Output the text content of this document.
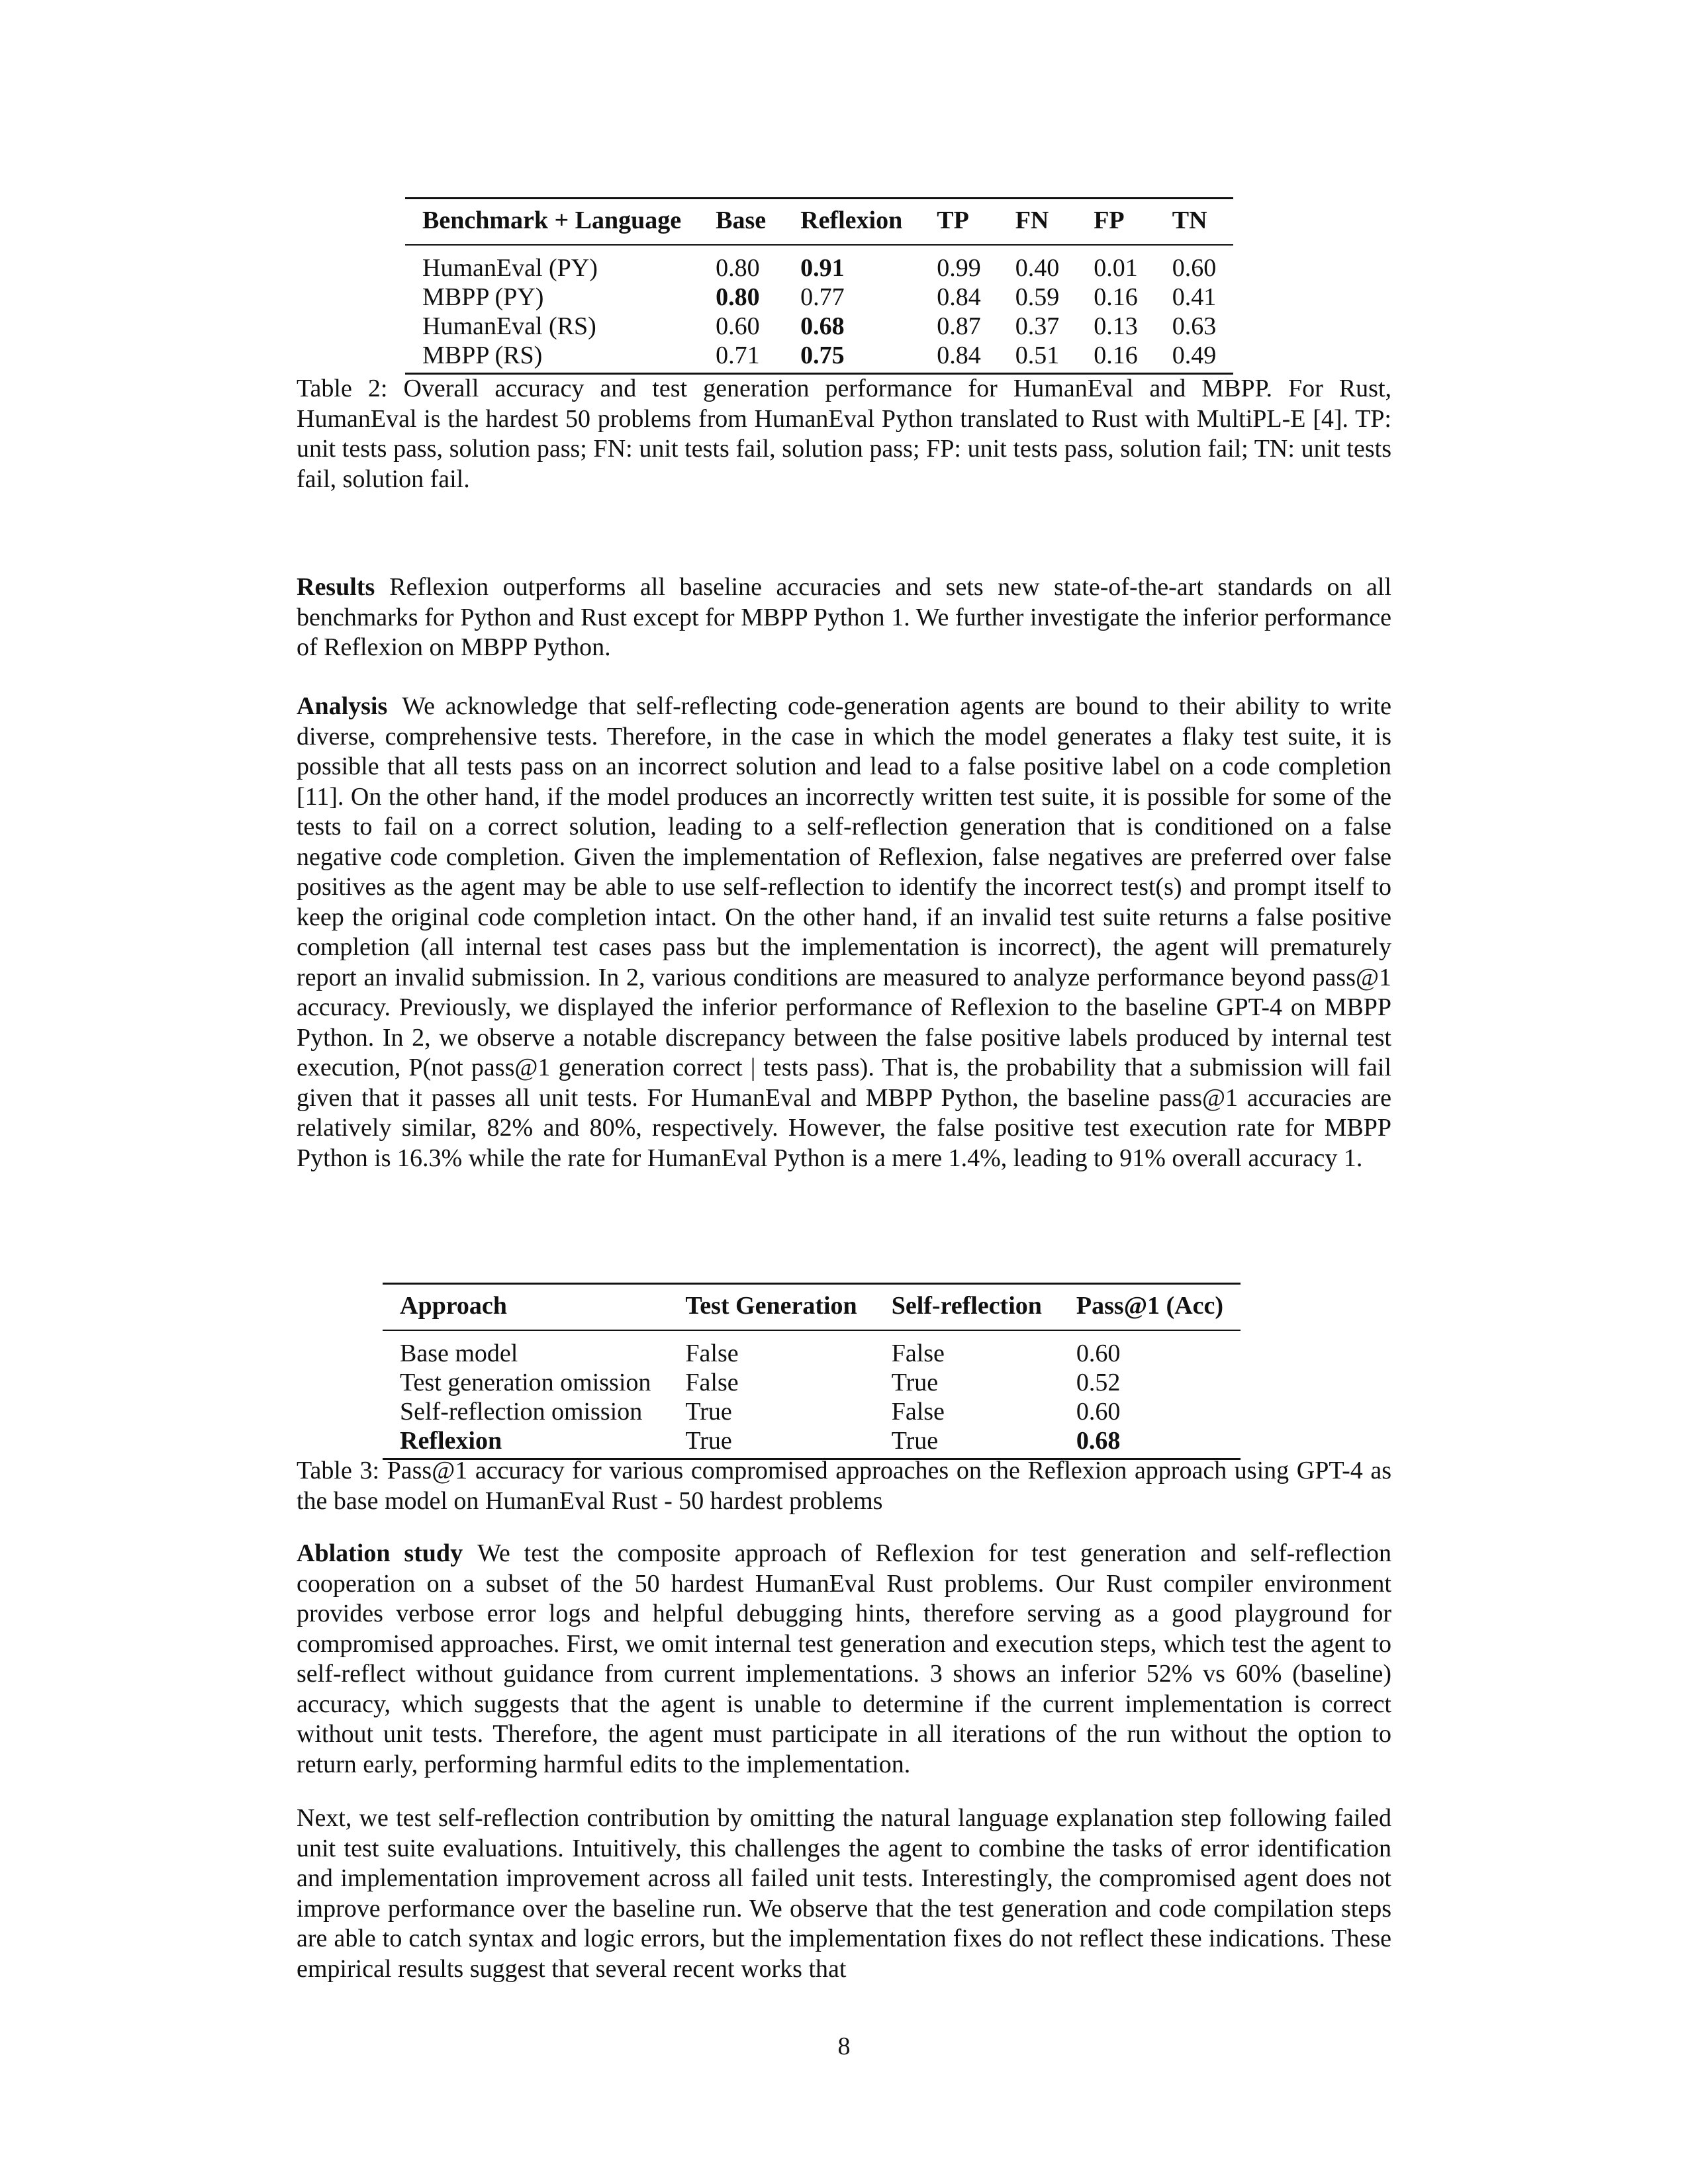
Benchmark + Language	Base	Reflexion	TP	FN	FP	TN
HumanEval (PY)	0.80	0.91	0.99	0.40	0.01	0.60
MBPP (PY)	0.80	0.77	0.84	0.59	0.16	0.41
HumanEval (RS)	0.60	0.68	0.87	0.37	0.13	0.63
MBPP (RS)	0.71	0.75	0.84	0.51	0.16	0.49

Table 2: Overall accuracy and test generation performance for HumanEval and MBPP. For Rust, HumanEval is the hardest 50 problems from HumanEval Python translated to Rust with MultiPL-E [4]. TP: unit tests pass, solution pass; FN: unit tests fail, solution pass; FP: unit tests pass, solution fail; TN: unit tests fail, solution fail.

Results Reflexion outperforms all baseline accuracies and sets new state-of-the-art standards on all benchmarks for Python and Rust except for MBPP Python 1. We further investigate the inferior performance of Reflexion on MBPP Python.

Analysis We acknowledge that self-reflecting code-generation agents are bound to their ability to write diverse, comprehensive tests. Therefore, in the case in which the model generates a flaky test suite, it is possible that all tests pass on an incorrect solution and lead to a false positive label on a code completion [11]. On the other hand, if the model produces an incorrectly written test suite, it is possible for some of the tests to fail on a correct solution, leading to a self-reflection generation that is conditioned on a false negative code completion. Given the implementation of Reflexion, false negatives are preferred over false positives as the agent may be able to use self-reflection to identify the incorrect test(s) and prompt itself to keep the original code completion intact. On the other hand, if an invalid test suite returns a false positive completion (all internal test cases pass but the implementation is incorrect), the agent will prematurely report an invalid submission. In 2, various conditions are measured to analyze performance beyond pass@1 accuracy. Previously, we displayed the inferior performance of Reflexion to the baseline GPT-4 on MBPP Python. In 2, we observe a notable discrepancy between the false positive labels produced by internal test execution, P(not pass@1 generation correct | tests pass). That is, the probability that a submission will fail given that it passes all unit tests. For HumanEval and MBPP Python, the baseline pass@1 accuracies are relatively similar, 82% and 80%, respectively. However, the false positive test execution rate for MBPP Python is 16.3% while the rate for HumanEval Python is a mere 1.4%, leading to 91% overall accuracy 1.

Approach	Test Generation	Self-reflection	Pass@1 (Acc)
Base model	False	False	0.60
Test generation omission	False	True	0.52
Self-reflection omission	True	False	0.60
Reflexion	True	True	0.68

Table 3: Pass@1 accuracy for various compromised approaches on the Reflexion approach using GPT-4 as the base model on HumanEval Rust - 50 hardest problems

Ablation study We test the composite approach of Reflexion for test generation and self-reflection cooperation on a subset of the 50 hardest HumanEval Rust problems. Our Rust compiler environment provides verbose error logs and helpful debugging hints, therefore serving as a good playground for compromised approaches. First, we omit internal test generation and execution steps, which test the agent to self-reflect without guidance from current implementations. 3 shows an inferior 52% vs 60% (baseline) accuracy, which suggests that the agent is unable to determine if the current implementation is correct without unit tests. Therefore, the agent must participate in all iterations of the run without the option to return early, performing harmful edits to the implementation.

Next, we test self-reflection contribution by omitting the natural language explanation step following failed unit test suite evaluations. Intuitively, this challenges the agent to combine the tasks of error identification and implementation improvement across all failed unit tests. Interestingly, the compromised agent does not improve performance over the baseline run. We observe that the test generation and code compilation steps are able to catch syntax and logic errors, but the implementation fixes do not reflect these indications. These empirical results suggest that several recent works that

8
